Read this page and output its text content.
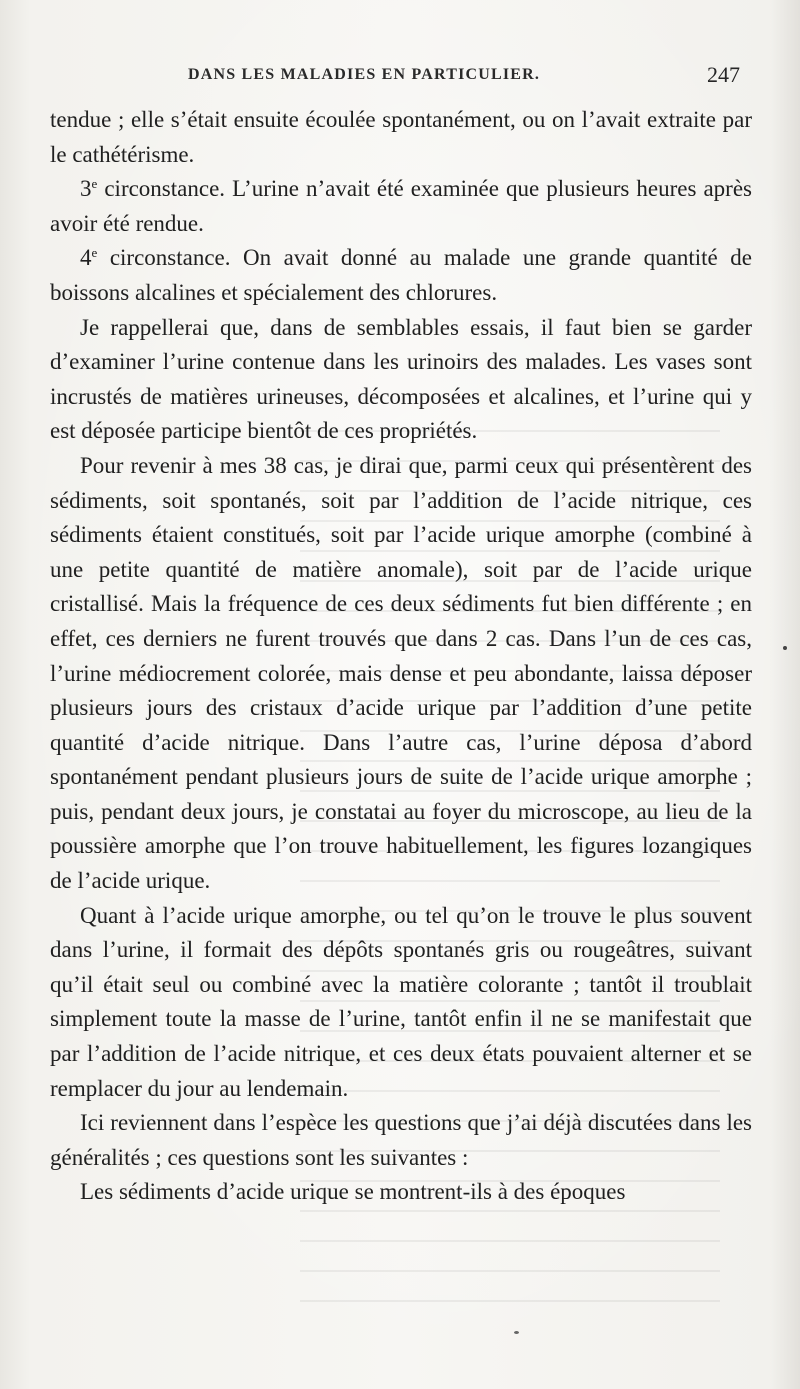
DANS LES MALADIES EN PARTICULIER.	247

tendue ; elle s’était ensuite écoulée spontanément, ou on l’avait extraite par le cathétérisme.

3e circonstance. L’urine n’avait été examinée que plusieurs heures après avoir été rendue.

4e circonstance. On avait donné au malade une grande quantité de boissons alcalines et spécialement des chlorures.

Je rappellerai que, dans de semblables essais, il faut bien se garder d’examiner l’urine contenue dans les urinoirs des malades. Les vases sont incrustés de matières urineuses, décomposées et alcalines, et l’urine qui y est déposée participe bientôt de ces propriétés.

Pour revenir à mes 38 cas, je dirai que, parmi ceux qui présentèrent des sédiments, soit spontanés, soit par l’addition de l’acide nitrique, ces sédiments étaient constitués, soit par l’acide urique amorphe (combiné à une petite quantité de matière anomale), soit par de l’acide urique cristallisé. Mais la fréquence de ces deux sédiments fut bien différente ; en effet, ces derniers ne furent trouvés que dans 2 cas. Dans l’un de ces cas, l’urine médiocrement colorée, mais dense et peu abondante, laissa déposer plusieurs jours des cristaux d’acide urique par l’addition d’une petite quantité d’acide nitrique. Dans l’autre cas, l’urine déposa d’abord spontanément pendant plusieurs jours de suite de l’acide urique amorphe ; puis, pendant deux jours, je constatai au foyer du microscope, au lieu de la poussière amorphe que l’on trouve habituellement, les figures lozangiques de l’acide urique.

Quant à l’acide urique amorphe, ou tel qu’on le trouve le plus souvent dans l’urine, il formait des dépôts spontanés gris ou rougeâtres, suivant qu’il était seul ou combiné avec la matière colorante ; tantôt il troublait simplement toute la masse de l’urine, tantôt enfin il ne se manifestait que par l’addition de l’acide nitrique, et ces deux états pouvaient alterner et se remplacer du jour au lendemain.

Ici reviennent dans l’espèce les questions que j’ai déjà discutées dans les généralités ; ces questions sont les suivantes :

Les sédiments d’acide urique se montrent-ils à des époques
